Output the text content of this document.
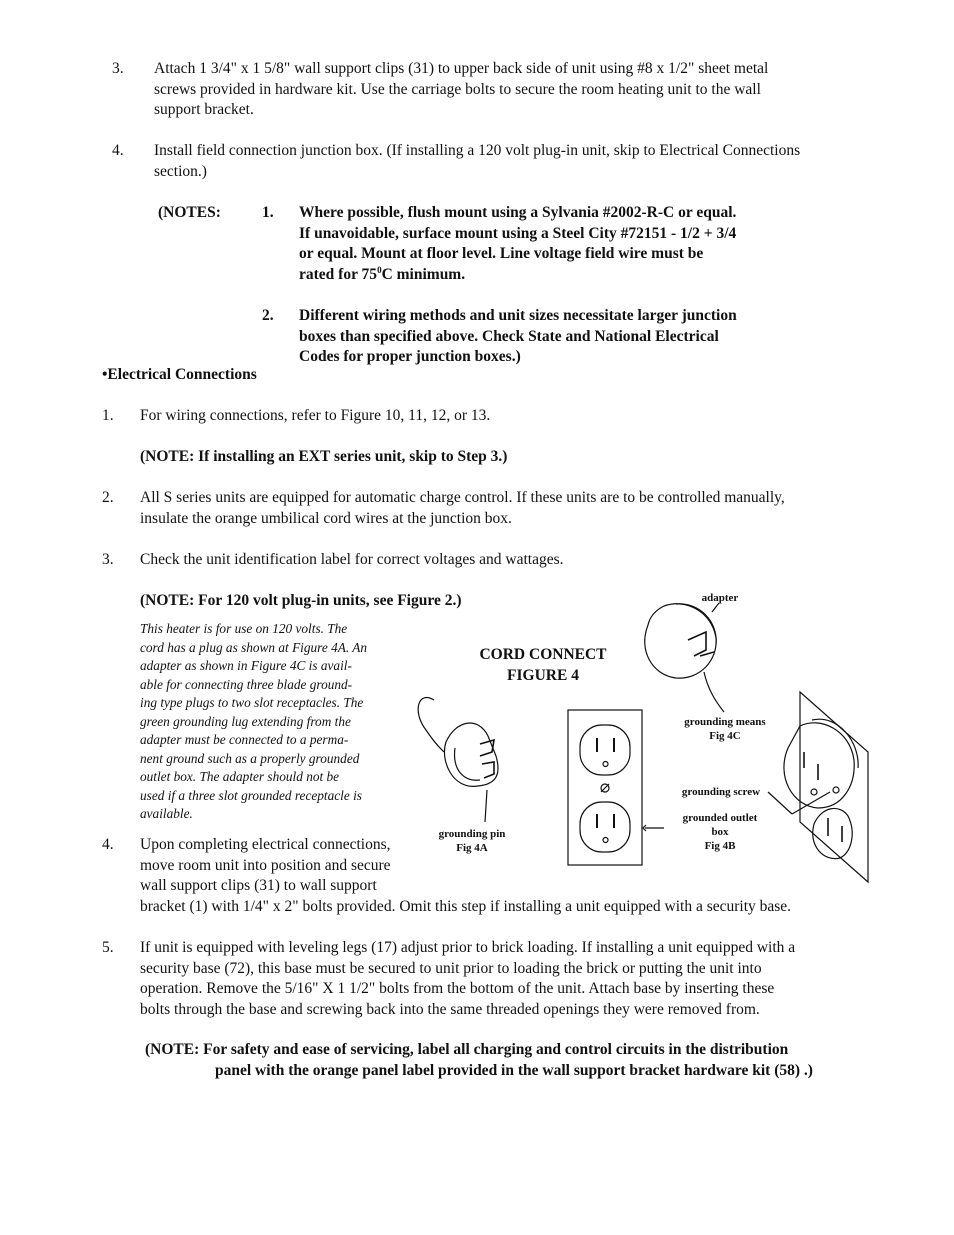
3. Attach 1 3/4" x 1 5/8" wall support clips (31) to upper back side of unit using #8 x 1/2" sheet metal
screws provided in hardware kit. Use the carriage bolts to secure the room heating unit to the wall
support bracket.
4. Install field connection junction box. (If installing a 120 volt plug-in unit, skip to Electrical Connections
section.)
(NOTES:	1. Where possible, flush mount using a Sylvania #2002-R-C or equal.
If unavoidable, surface mount using a Steel City #72151 - 1/2 + 3/4
or equal. Mount at floor level. Line voltage field wire must be
rated for $75^0C$ minimum.
2. Different wiring methods and unit sizes necessitate larger junction
boxes than specified above. Check State and National Electrical
Codes for proper junction boxes.)
•Electrical Connections
1. For wiring connections, refer to Figure 10, 11, 12, or 13.
(NOTE: If installing an EXT series unit, skip to Step 3.)
2. All S series units are equipped for automatic charge control. If these units are to be controlled manually,
insulate the orange umbilical cord wires at the junction box.
3. Check the unit identification label for correct voltages and wattages.
(NOTE: For 120 volt plug-in units, see Figure 2.)
This heater is for use on 120 volts. The
cord has a plug as shown at Figure 4A. An
adapter as shown in Figure 4C is avail-
able for connecting three blade ground-
ing type plugs to two slot receptacles. The
green grounding lug extending from the
adapter must be connected to a perma-
nent ground such as a properly grounded
outlet box. The adapter should not be
used if a three slot grounded receptacle is
available.
4. Upon completing electrical connections,
move room unit into position and secure
wall support clips (31) to wall support
bracket (1) with 1/4" x 2" bolts provided. Omit this step if installing a unit equipped with a security base.
5. If unit is equipped with leveling legs (17) adjust prior to brick loading. If installing a unit equipped with a
security base (72), this base must be secured to unit prior to loading the brick or putting the unit into
operation. Remove the 5/16" X 1 1/2" bolts from the bottom of the unit. Attach base by inserting these
bolts through the base and screwing back into the same threaded openings they were removed from.
(NOTE: For safety and ease of servicing, label all charging and control circuits in the distribution
panel with the orange panel label provided in the wall support bracket hardware kit (58) .)
CORD CONNECT
FIGURE 4
adapter
grounding means
Fig 4C
grounding screw
grounded outlet
box
Fig 4B
grounding pin
Fig 4A
